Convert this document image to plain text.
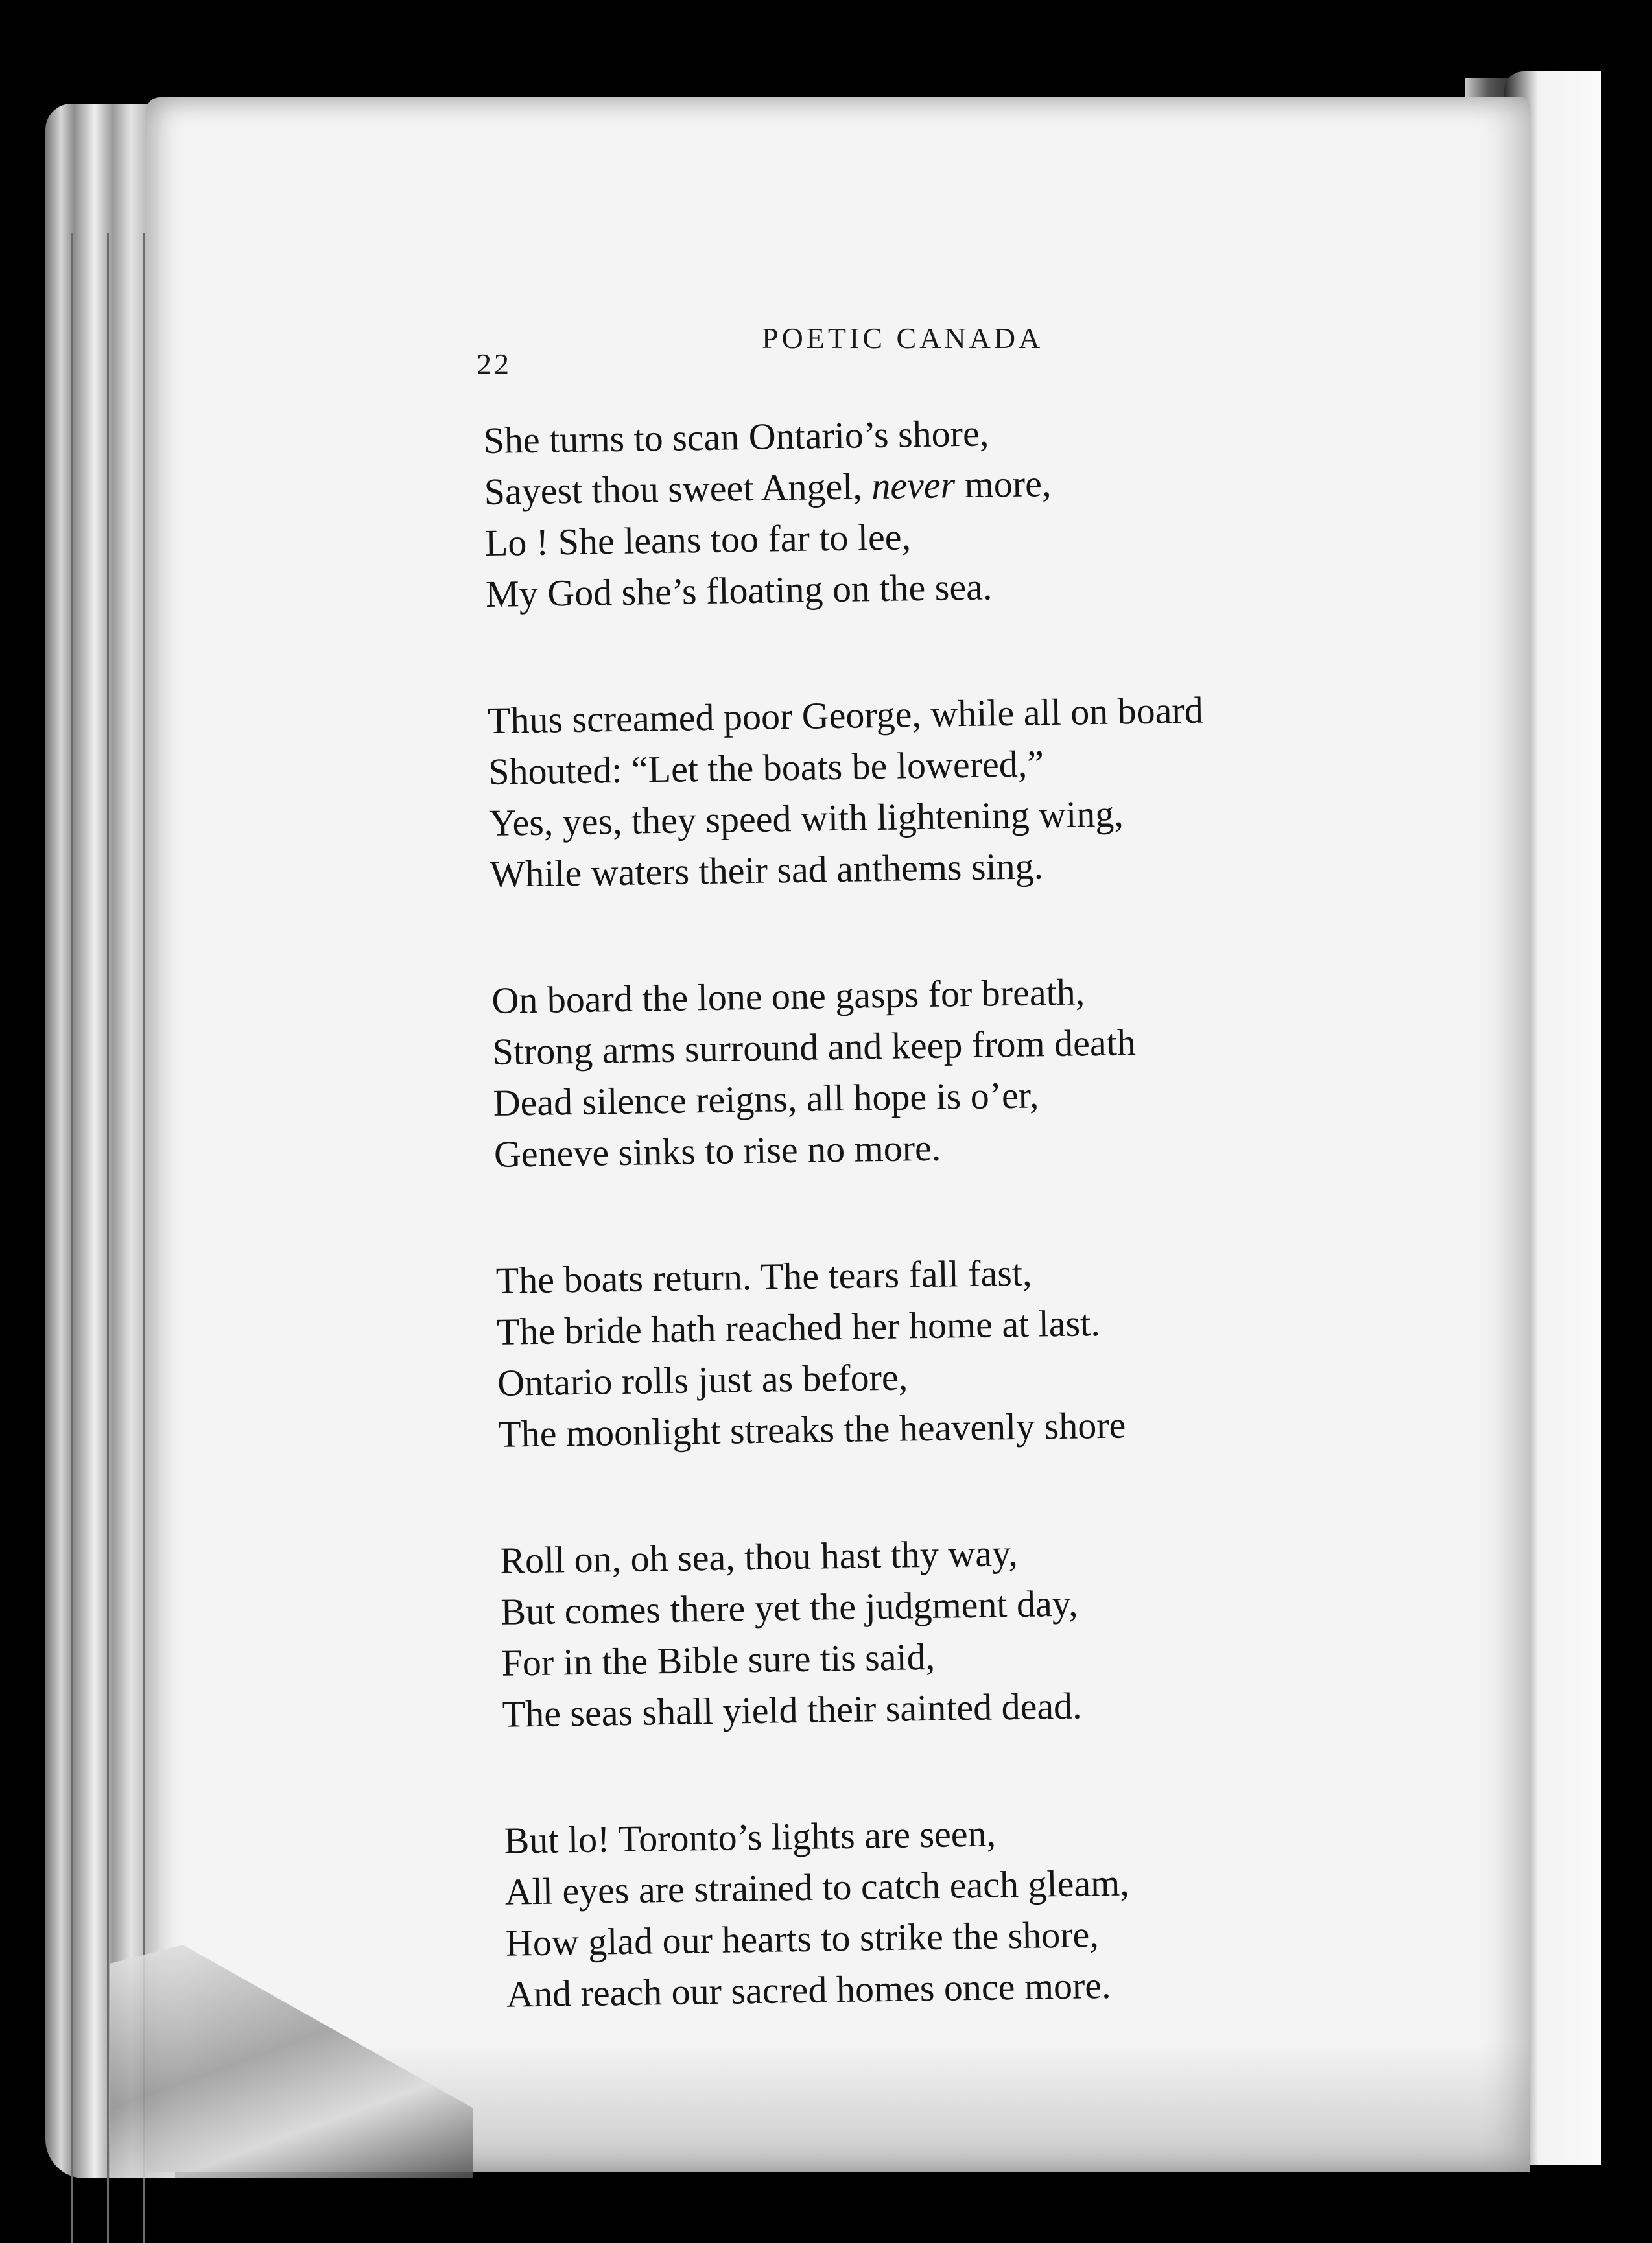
22
POETIC CANADA
She turns to scan Ontario’s shore,
Sayest thou sweet Angel, never more,
Lo ! She leans too far to lee,
My God she’s floating on the sea.
Thus screamed poor George, while all on board
Shouted: “Let the boats be lowered,”
Yes, yes, they speed with lightening wing,
While waters their sad anthems sing.
On board the lone one gasps for breath,
Strong arms surround and keep from death
Dead silence reigns, all hope is o’er,
Geneve sinks to rise no more.
The boats return. The tears fall fast,
The bride hath reached her home at last.
Ontario rolls just as before,
The moonlight streaks the heavenly shore
Roll on, oh sea, thou hast thy way,
But comes there yet the judgment day,
For in the Bible sure tis said,
The seas shall yield their sainted dead.
But lo! Toronto’s lights are seen,
All eyes are strained to catch each gleam,
How glad our hearts to strike the shore,
And reach our sacred homes once more.
